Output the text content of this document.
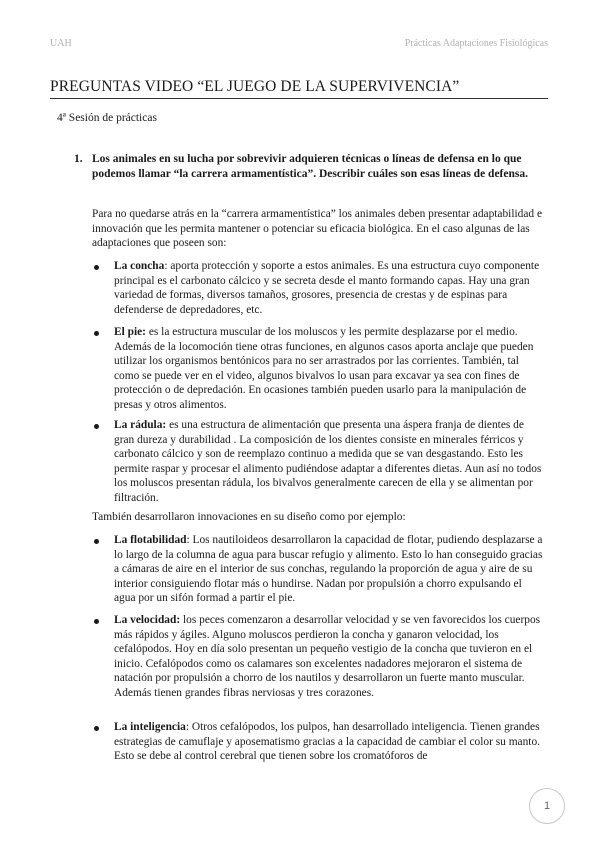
UAH	Prácticas Adaptaciones Fisiológicas
PREGUNTAS VIDEO “EL JUEGO DE LA SUPERVIVENCIA”
4ª Sesión de prácticas
1. Los animales en su lucha por sobrevivir adquieren técnicas o líneas de defensa en lo que podemos llamar “la carrera armamentística”. Describir cuáles son esas líneas de defensa.
Para no quedarse atrás en la “carrera armamentística” los animales deben presentar adaptabilidad e innovación que les permita mantener o potenciar su eficacia biológica. En el caso algunas de las adaptaciones que poseen son:
La concha: aporta protección y soporte a estos animales. Es una estructura cuyo componente principal es el carbonato cálcico y se secreta desde el manto formando capas. Hay una gran variedad de formas, diversos tamaños, grosores, presencia de crestas y de espinas para defenderse de depredadores, etc.
El pie: es la estructura muscular de los moluscos y les permite desplazarse por el medio. Además de la locomoción tiene otras funciones, en algunos casos aporta anclaje que pueden utilizar los organismos bentónicos para no ser arrastrados por las corrientes. También, tal como se puede ver en el video, algunos bivalvos lo usan para excavar ya sea con fines de protección o de depredación. En ocasiones también pueden usarlo para la manipulación de presas y otros alimentos.
La rádula: es una estructura de alimentación que presenta una áspera franja de dientes de gran dureza y durabilidad . La composición de los dientes consiste en minerales férricos y carbonato cálcico y son de reemplazo continuo a medida que se van desgastando. Esto les permite raspar y procesar el alimento pudiéndose adaptar a diferentes dietas. Aun así no todos los moluscos presentan rádula, los bivalvos generalmente carecen de ella y se alimentan por filtración.
También desarrollaron innovaciones en su diseño como por ejemplo:
La flotabilidad: Los nautiloideos desarrollaron la capacidad de flotar, pudiendo desplazarse a lo largo de la columna de agua para buscar refugio y alimento. Esto lo han conseguido gracias a cámaras de aire en el interior de sus conchas, regulando la proporción de agua y aire de su interior consiguiendo flotar más o hundirse. Nadan por propulsión a chorro expulsando el agua por un sifón formad a partir el pie.
La velocidad: los peces comenzaron a desarrollar velocidad y se ven favorecidos los cuerpos más rápidos y ágiles. Alguno moluscos perdieron la concha y ganaron velocidad, los cefalópodos. Hoy en día solo presentan un pequeño vestigio de la concha que tuvieron en el inicio. Cefalópodos como os calamares son excelentes nadadores mejoraron el sistema de natación por propulsión a chorro de los nautilos y desarrollaron un fuerte manto muscular. Además tienen grandes fibras nerviosas y tres corazones.
La inteligencia: Otros cefalópodos, los pulpos, han desarrollado inteligencia. Tienen grandes estrategias de camuflaje y aposematismo gracias a la capacidad de cambiar el color su manto. Esto se debe al control cerebral que tienen sobre los cromatóforos de
1
